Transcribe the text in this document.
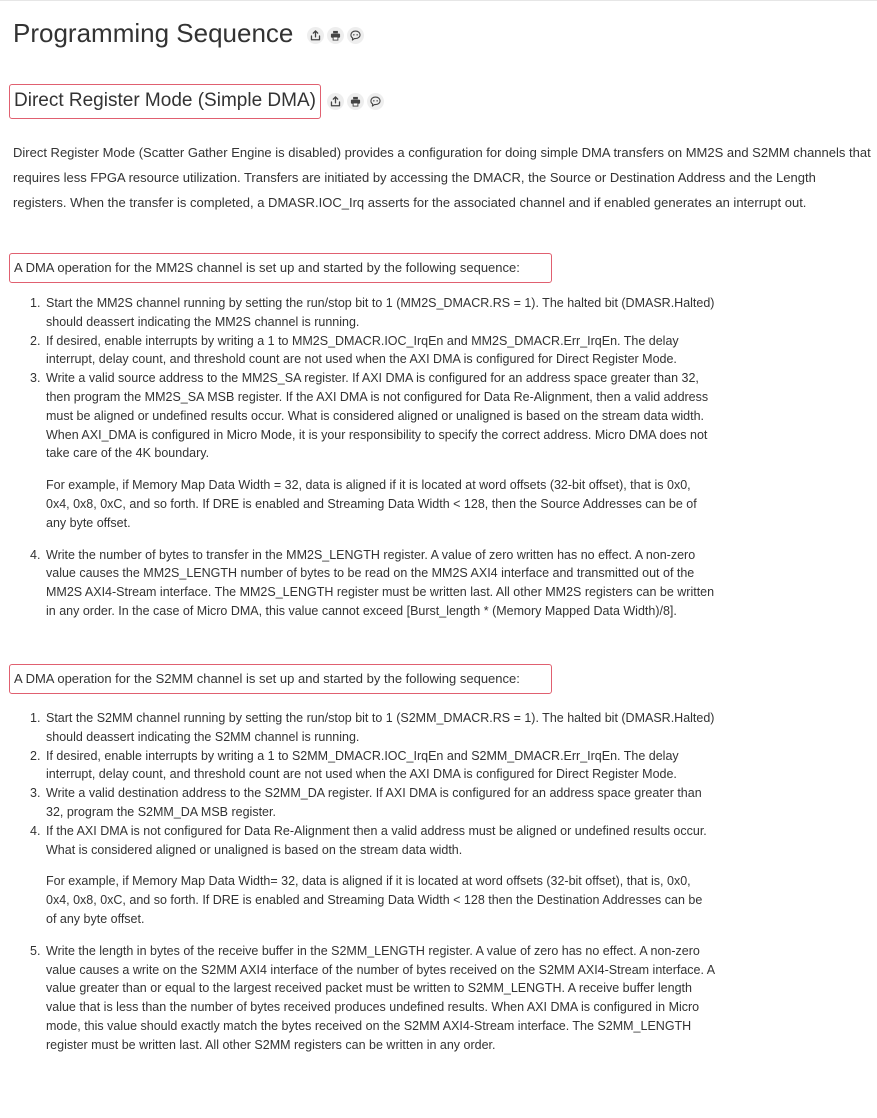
Programming Sequence
Direct Register Mode (Simple DMA)

Direct Register Mode (Scatter Gather Engine is disabled) provides a configuration for doing simple DMA transfers on MM2S and S2MM channels that requires less FPGA resource utilization. Transfers are initiated by accessing the DMACR, the Source or Destination Address and the Length registers. When the transfer is completed, a DMASR.IOC_Irq asserts for the associated channel and if enabled generates an interrupt out.

A DMA operation for the MM2S channel is set up and started by the following sequence:
1. Start the MM2S channel running by setting the run/stop bit to 1 (MM2S_DMACR.RS = 1). The halted bit (DMASR.Halted) should deassert indicating the MM2S channel is running.
2. If desired, enable interrupts by writing a 1 to MM2S_DMACR.IOC_IrqEn and MM2S_DMACR.Err_IrqEn. The delay interrupt, delay count, and threshold count are not used when the AXI DMA is configured for Direct Register Mode.
3. Write a valid source address to the MM2S_SA register. If AXI DMA is configured for an address space greater than 32, then program the MM2S_SA MSB register. If the AXI DMA is not configured for Data Re-Alignment, then a valid address must be aligned or undefined results occur. What is considered aligned or unaligned is based on the stream data width. When AXI_DMA is configured in Micro Mode, it is your responsibility to specify the correct address. Micro DMA does not take care of the 4K boundary.
For example, if Memory Map Data Width = 32, data is aligned if it is located at word offsets (32-bit offset), that is 0x0, 0x4, 0x8, 0xC, and so forth. If DRE is enabled and Streaming Data Width < 128, then the Source Addresses can be of any byte offset.
4. Write the number of bytes to transfer in the MM2S_LENGTH register. A value of zero written has no effect. A non-zero value causes the MM2S_LENGTH number of bytes to be read on the MM2S AXI4 interface and transmitted out of the MM2S AXI4-Stream interface. The MM2S_LENGTH register must be written last. All other MM2S registers can be written in any order. In the case of Micro DMA, this value cannot exceed [Burst_length * (Memory Mapped Data Width)/8].
A DMA operation for the S2MM channel is set up and started by the following sequence:
1. Start the S2MM channel running by setting the run/stop bit to 1 (S2MM_DMACR.RS = 1). The halted bit (DMASR.Halted) should deassert indicating the S2MM channel is running.
2. If desired, enable interrupts by writing a 1 to S2MM_DMACR.IOC_IrqEn and S2MM_DMACR.Err_IrqEn. The delay interrupt, delay count, and threshold count are not used when the AXI DMA is configured for Direct Register Mode.
3. Write a valid destination address to the S2MM_DA register. If AXI DMA is configured for an address space greater than 32, program the S2MM_DA MSB register.
4. If the AXI DMA is not configured for Data Re-Alignment then a valid address must be aligned or undefined results occur. What is considered aligned or unaligned is based on the stream data width.
For example, if Memory Map Data Width= 32, data is aligned if it is located at word offsets (32-bit offset), that is, 0x0, 0x4, 0x8, 0xC, and so forth. If DRE is enabled and Streaming Data Width < 128 then the Destination Addresses can be of any byte offset.
5. Write the length in bytes of the receive buffer in the S2MM_LENGTH register. A value of zero has no effect. A non-zero value causes a write on the S2MM AXI4 interface of the number of bytes received on the S2MM AXI4-Stream interface. A value greater than or equal to the largest received packet must be written to S2MM_LENGTH. A receive buffer length value that is less than the number of bytes received produces undefined results. When AXI DMA is configured in Micro mode, this value should exactly match the bytes received on the S2MM AXI4-Stream interface. The S2MM_LENGTH register must be written last. All other S2MM registers can be written in any order.
